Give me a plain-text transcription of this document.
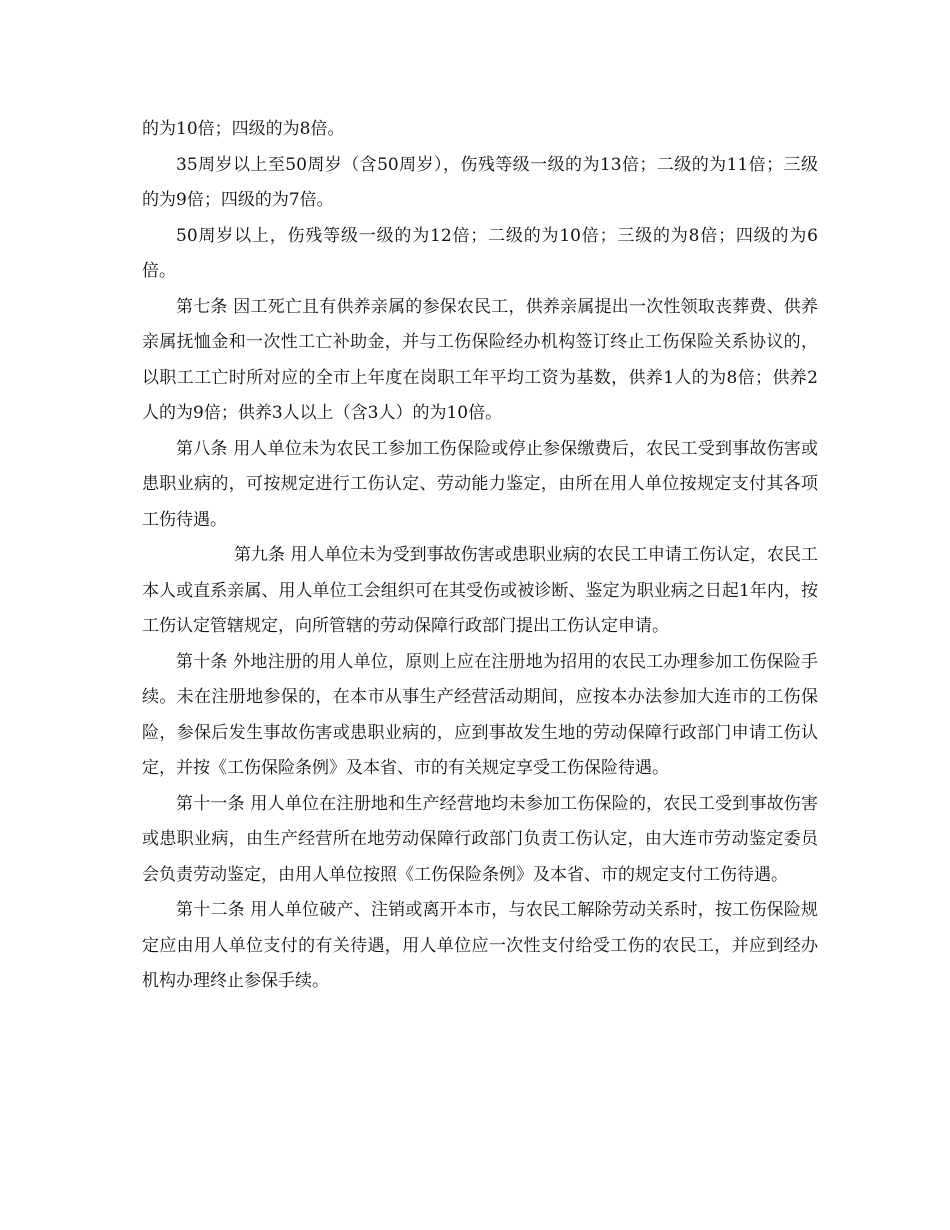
的为10倍；四级的为8倍。

35周岁以上至50周岁（含50周岁），伤残等级一级的为13倍；二级的为11倍；三级的为9倍；四级的为7倍。

50周岁以上，伤残等级一级的为12倍；二级的为10倍；三级的为8倍；四级的为6倍。

第七条 因工死亡且有供养亲属的参保农民工，供养亲属提出一次性领取丧葬费、供养亲属抚恤金和一次性工亡补助金，并与工伤保险经办机构签订终止工伤保险关系协议的，以职工工亡时所对应的全市上年度在岗职工年平均工资为基数，供养1人的为8倍；供养2人的为9倍；供养3人以上（含3人）的为10倍。

第八条 用人单位未为农民工参加工伤保险或停止参保缴费后，农民工受到事故伤害或患职业病的，可按规定进行工伤认定、劳动能力鉴定，由所在用人单位按规定支付其各项工伤待遇。

第九条 用人单位未为受到事故伤害或患职业病的农民工申请工伤认定，农民工本人或直系亲属、用人单位工会组织可在其受伤或被诊断、鉴定为职业病之日起1年内，按工伤认定管辖规定，向所管辖的劳动保障行政部门提出工伤认定申请。

第十条 外地注册的用人单位，原则上应在注册地为招用的农民工办理参加工伤保险手续。未在注册地参保的，在本市从事生产经营活动期间，应按本办法参加大连市的工伤保险，参保后发生事故伤害或患职业病的，应到事故发生地的劳动保障行政部门申请工伤认定，并按《工伤保险条例》及本省、市的有关规定享受工伤保险待遇。

第十一条 用人单位在注册地和生产经营地均未参加工伤保险的，农民工受到事故伤害或患职业病，由生产经营所在地劳动保障行政部门负责工伤认定，由大连市劳动鉴定委员会负责劳动鉴定，由用人单位按照《工伤保险条例》及本省、市的规定支付工伤待遇。

第十二条 用人单位破产、注销或离开本市，与农民工解除劳动关系时，按工伤保险规定应由用人单位支付的有关待遇，用人单位应一次性支付给受工伤的农民工，并应到经办机构办理终止参保手续。
